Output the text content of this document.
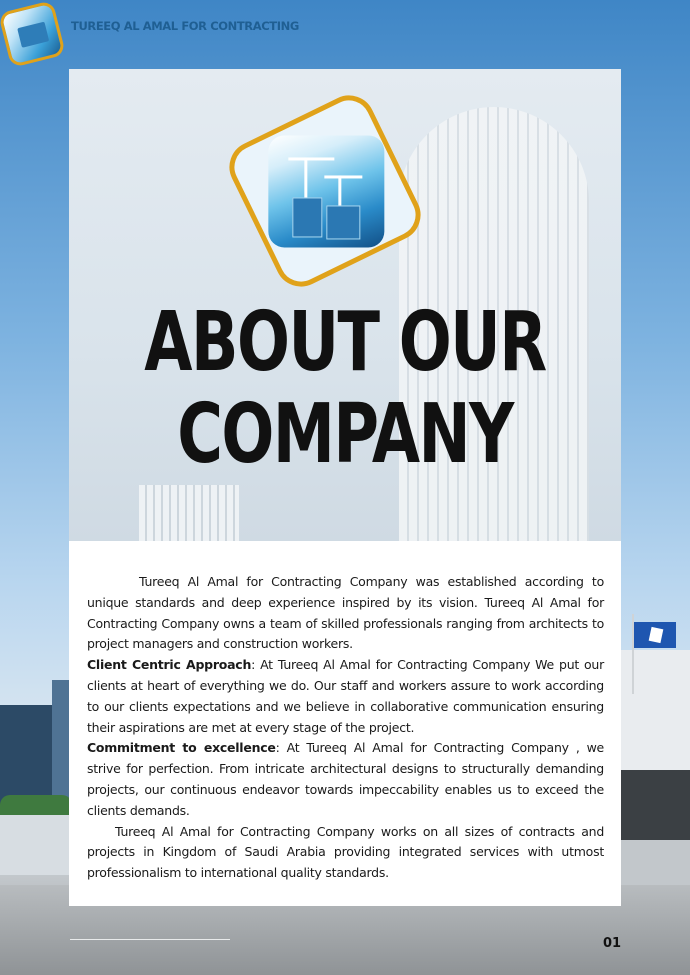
TUREEQ AL AMAL FOR CONTRACTING
ABOUT OUR
COMPANY

Tureeq Al Amal for Contracting Company was established according to unique standards and deep experience inspired by its vision. Tureeq Al Amal for Contracting Company owns a team of skilled professionals ranging from architects to project managers and construction workers.

Client Centric Approach: At Tureeq Al Amal for Contracting Company We put our clients at heart of everything we do. Our staff and workers assure to work according to our clients expectations and we believe in collaborative communication ensuring their aspirations are met at every stage of the project.

Commitment to excellence: At Tureeq Al Amal for Contracting Company , we strive for perfection. From intricate architectural designs to structurally demanding projects, our continuous endeavor towards impeccability enables us to exceed the clients demands.

Tureeq Al Amal for Contracting Company works on all sizes of contracts and projects in Kingdom of Saudi Arabia providing integrated services with utmost professionalism to international quality standards.

01
